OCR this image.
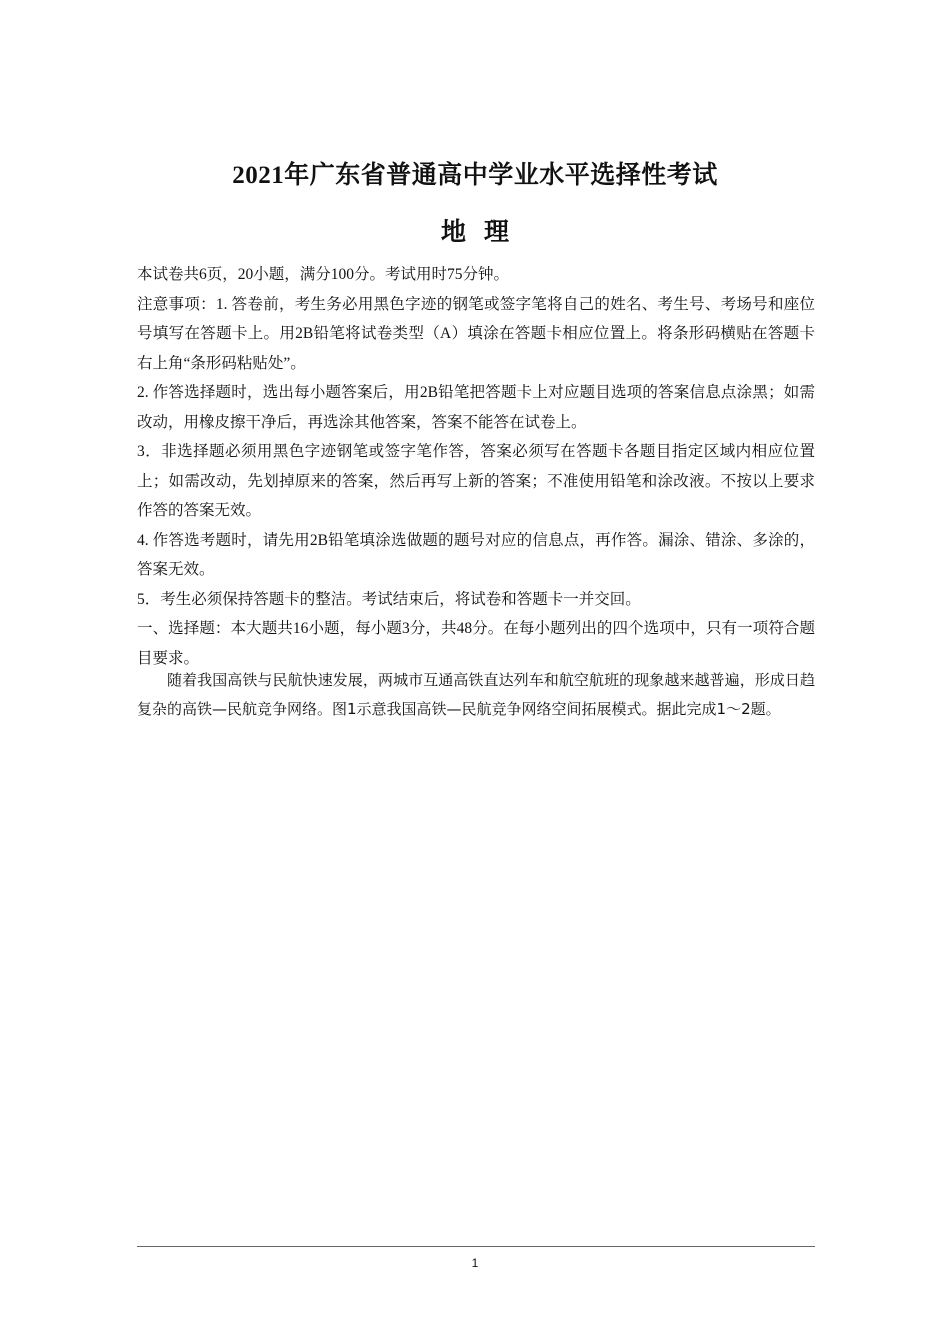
2021年广东省普通高中学业水平选择性考试
地理

本试卷共6页，20小题，满分100分。考试用时75分钟。

注意事项：1. 答卷前，考生务必用黑色字迹的钢笔或签字笔将自己的姓名、考生号、考场号和座位号填写在答题卡上。用2B铅笔将试卷类型（A）填涂在答题卡相应位置上。将条形码横贴在答题卡右上角“条形码粘贴处”。

2. 作答选择题时，选出每小题答案后，用2B铅笔把答题卡上对应题目选项的答案信息点涂黑；如需改动，用橡皮擦干净后，再选涂其他答案，答案不能答在试卷上。

3．非选择题必须用黑色字迹钢笔或签字笔作答，答案必须写在答题卡各题目指定区域内相应位置上；如需改动，先划掉原来的答案，然后再写上新的答案；不准使用铅笔和涂改液。不按以上要求作答的答案无效。

4. 作答选考题时，请先用2B铅笔填涂选做题的题号对应的信息点，再作答。漏涂、错涂、多涂的，答案无效。

5．考生必须保持答题卡的整洁。考试结束后，将试卷和答题卡一并交回。

一、选择题：本大题共16小题，每小题3分，共48分。在每小题列出的四个选项中，只有一项符合题目要求。

随着我国高铁与民航快速发展，两城市互通高铁直达列车和航空航班的现象越来越普遍，形成日趋复杂的高铁—民航竞争网络。图1示意我国高铁—民航竞争网络空间拓展模式。据此完成1～2题。

1
